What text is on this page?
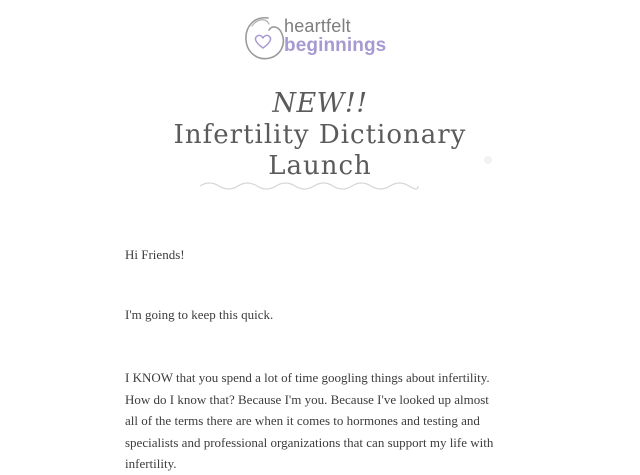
heartfelt
beginnings
NEW!!
Infertility Dictionary
Launch

Hi Friends!

I'm going to keep this quick.

I KNOW that you spend a lot of time googling things about infertility. How do I know that? Because I'm you. Because I've looked up almost all of the terms there are when it comes to hormones and testing and specialists and professional organizations that can support my life with infertility.
